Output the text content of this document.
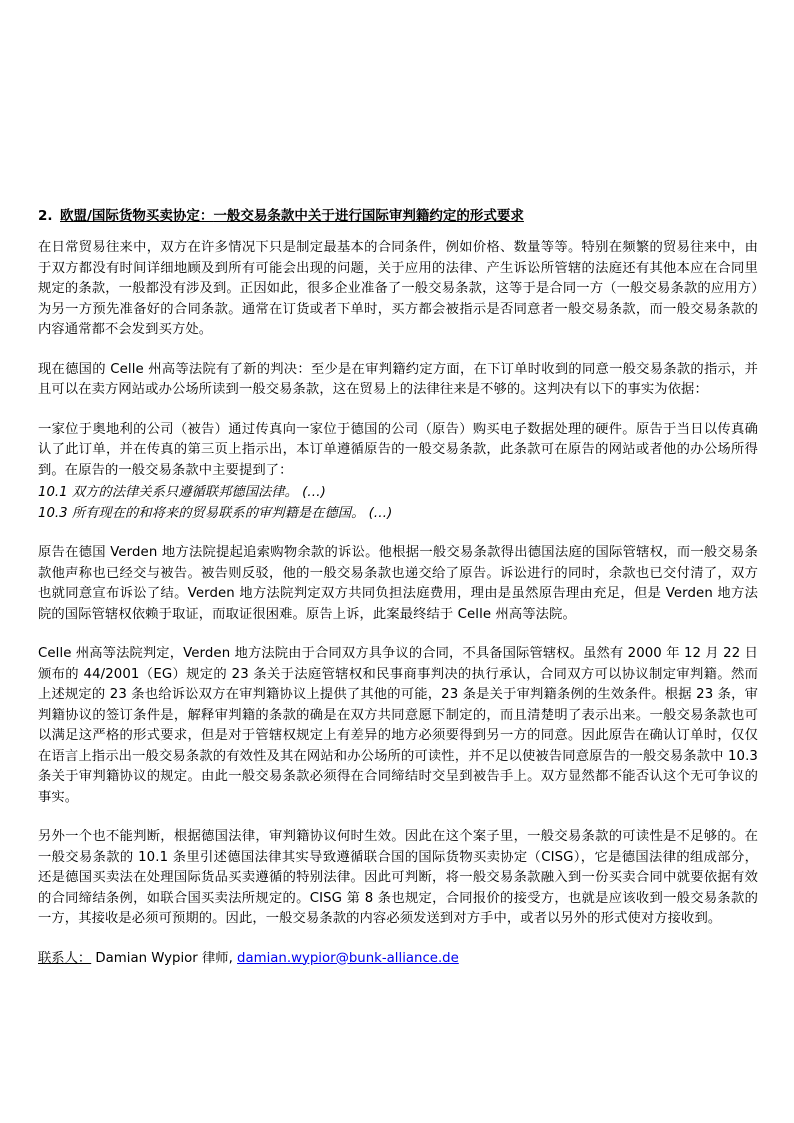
2. 欧盟/国际货物买卖协定：一般交易条款中关于进行国际审判籍约定的形式要求

在日常贸易往来中，双方在许多情况下只是制定最基本的合同条件，例如价格、数量等等。特别在频繁的贸易往来中，由于双方都没有时间详细地顾及到所有可能会出现的问题，关于应用的法律、产生诉讼所管辖的法庭还有其他本应在合同里规定的条款，一般都没有涉及到。正因如此，很多企业准备了一般交易条款，这等于是合同一方（一般交易条款的应用方）为另一方预先准备好的合同条款。通常在订货或者下单时，买方都会被指示是否同意者一般交易条款，而一般交易条款的内容通常都不会发到买方处。

现在德国的 Celle 州高等法院有了新的判决：至少是在审判籍约定方面，在下订单时收到的同意一般交易条款的指示，并且可以在卖方网站或办公场所读到一般交易条款，这在贸易上的法律往来是不够的。这判决有以下的事实为依据：

一家位于奥地利的公司（被告）通过传真向一家位于德国的公司（原告）购买电子数据处理的硬件。原告于当日以传真确认了此订单，并在传真的第三页上指示出，本订单遵循原告的一般交易条款，此条款可在原告的网站或者他的办公场所得到。在原告的一般交易条款中主要提到了：

10.1 双方的法律关系只遵循联邦德国法律。 (…)
10.3 所有现在的和将来的贸易联系的审判籍是在德国。 (…)

原告在德国 Verden 地方法院提起追索购物余款的诉讼。他根据一般交易条款得出德国法庭的国际管辖权，而一般交易条款他声称也已经交与被告。被告则反驳，他的一般交易条款也递交给了原告。诉讼进行的同时，余款也已交付清了，双方也就同意宣布诉讼了结。Verden 地方法院判定双方共同负担法庭费用，理由是虽然原告理由充足，但是 Verden 地方法院的国际管辖权依赖于取证，而取证很困难。原告上诉，此案最终结于 Celle 州高等法院。

Celle 州高等法院判定，Verden 地方法院由于合同双方具争议的合同，不具备国际管辖权。虽然有 2000 年 12 月 22 日颁布的 44/2001（EG）规定的 23 条关于法庭管辖权和民事商事判决的执行承认，合同双方可以协议制定审判籍。然而上述规定的 23 条也给诉讼双方在审判籍协议上提供了其他的可能，23 条是关于审判籍条例的生效条件。根据 23 条，审判籍协议的签订条件是，解释审判籍的条款的确是在双方共同意愿下制定的，而且清楚明了表示出来。一般交易条款也可以满足这严格的形式要求，但是对于管辖权规定上有差异的地方必须要得到另一方的同意。因此原告在确认订单时，仅仅在语言上指示出一般交易条款的有效性及其在网站和办公场所的可读性，并不足以使被告同意原告的一般交易条款中 10.3 条关于审判籍协议的规定。由此一般交易条款必须得在合同缔结时交呈到被告手上。双方显然都不能否认这个无可争议的事实。

另外一个也不能判断，根据德国法律，审判籍协议何时生效。因此在这个案子里，一般交易条款的可读性是不足够的。在一般交易条款的 10.1 条里引述德国法律其实导致遵循联合国的国际货物买卖协定（CISG），它是德国法律的组成部分，还是德国买卖法在处理国际货品买卖遵循的特别法律。因此可判断，将一般交易条款融入到一份买卖合同中就要依据有效的合同缔结条例，如联合国买卖法所规定的。CISG 第 8 条也规定，合同报价的接受方，也就是应该收到一般交易条款的一方，其接收是必须可预期的。因此，一般交易条款的内容必须发送到对方手中，或者以另外的形式使对方接收到。

联系人： Damian Wypior 律师, damian.wypior@bunk-alliance.de
